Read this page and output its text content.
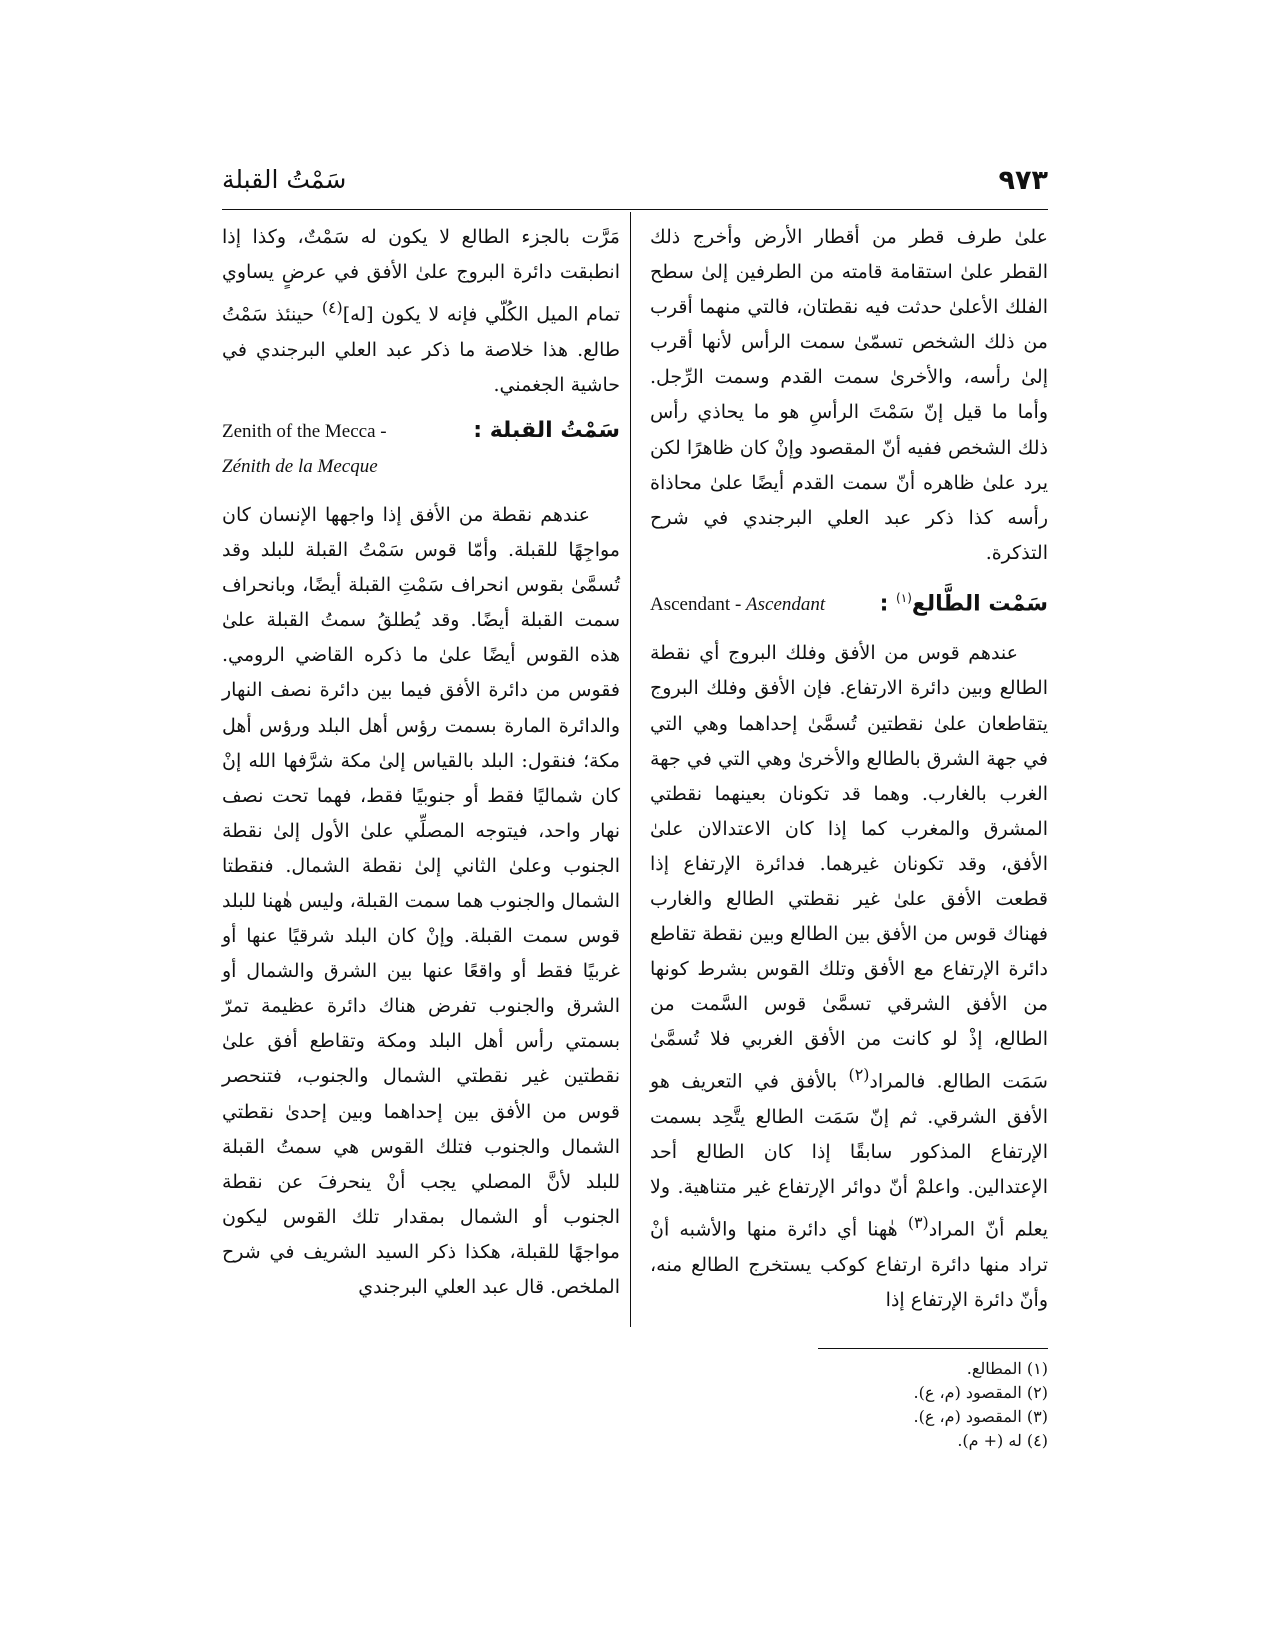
٩٧٣
سَمْتُ القبلة

علىٰ طرف قطر من أقطار الأرض وأخرج ذلك القطر علىٰ استقامة قامته من الطرفين إلىٰ سطح الفلك الأعلىٰ حدثت فيه نقطتان، فالتي منهما أقرب من ذلك الشخص تسمّىٰ سمت الرأس لأنها أقرب إلىٰ رأسه، والأخرىٰ سمت القدم وسمت الرِّجل. وأما ما قيل إنّ سَمْتَ الرأسِ هو ما يحاذي رأس ذلك الشخص ففيه أنّ المقصود وإنْ كان ظاهرًا لكن يرد علىٰ ظاهره أنّ سمت القدم أيضًا علىٰ محاذاة رأسه كذا ذكر عبد العلي البرجندي في شرح التذكرة.

سَمْت الطَّالع$^{(١)}$ :
Ascendant - Ascendant

عندهم قوس من الأفق وفلك البروج أي نقطة الطالع وبين دائرة الارتفاع. فإن الأفق وفلك البروج يتقاطعان علىٰ نقطتين تُسمَّىٰ إحداهما وهي التي في جهة الشرق بالطالع والأخرىٰ وهي التي في جهة الغرب بالغارب. وهما قد تكونان بعينهما نقطتي المشرق والمغرب كما إذا كان الاعتدالان علىٰ الأفق، وقد تكونان غيرهما. فدائرة الإرتفاع إذا قطعت الأفق علىٰ غير نقطتي الطالع والغارب فهناك قوس من الأفق بين الطالع وبين نقطة تقاطع دائرة الإرتفاع مع الأفق وتلك القوس بشرط كونها من الأفق الشرقي تسمَّىٰ قوس السَّمت من الطالع، إذْ لو كانت من الأفق الغربي فلا تُسمَّىٰ سَمَت الطالع. فالمراد$^{(٢)}$ بالأفق في التعريف هو الأفق الشرقي. ثم إنّ سَمَت الطالع يتَّحِد بسمت الإرتفاع المذكور سابقًا إذا كان الطالع أحد الإعتدالين. واعلمْ أنّ دوائر الإرتفاع غير متناهية. ولا يعلم أنّ المراد$^{(٣)}$ هٰهنا أي دائرة منها والأشبه أنْ تراد منها دائرة ارتفاع كوكب يستخرج الطالع منه، وأنّ دائرة الإرتفاع إذا

مَرَّت بالجزء الطالع لا يكون له سَمْتٌ، وكذا إذا انطبقت دائرة البروج علىٰ الأفق في عرضٍ يساوي تمام الميل الكُلّي فإنه لا يكون [له]$^{(٤)}$ حينئذ سَمْتُ طالع. هذا خلاصة ما ذكر عبد العلي البرجندي في حاشية الجغمني.

سَمْتُ القبلة :
Zenith of the Mecca -
Zénith de la Mecque

عندهم نقطة من الأفق إذا واجهها الإنسان كان مواجِهًا للقبلة. وأمّا قوس سَمْتُ القبلة للبلد وقد تُسمَّىٰ بقوس انحراف سَمْتِ القبلة أيضًا، وبانحراف سمت القبلة أيضًا. وقد يُطلقُ سمتُ القبلة علىٰ هذه القوس أيضًا علىٰ ما ذكره القاضي الرومي. فقوس من دائرة الأفق فيما بين دائرة نصف النهار والدائرة المارة بسمت رؤس أهل البلد ورؤس أهل مكة؛ فنقول: البلد بالقياس إلىٰ مكة شرَّفها الله إنْ كان شماليًا فقط أو جنوبيًا فقط، فهما تحت نصف نهار واحد، فيتوجه المصلِّي علىٰ الأول إلىٰ نقطة الجنوب وعلىٰ الثاني إلىٰ نقطة الشمال. فنقطتا الشمال والجنوب هما سمت القبلة، وليس هٰهنا للبلد قوس سمت القبلة. وإنْ كان البلد شرقيًا عنها أو غربيًا فقط أو واقعًا عنها بين الشرق والشمال أو الشرق والجنوب تفرض هناك دائرة عظيمة تمرّ بسمتي رأس أهل البلد ومكة وتقاطع أفق علىٰ نقطتين غير نقطتي الشمال والجنوب، فتنحصر قوس من الأفق بين إحداهما وبين إحدىٰ نقطتي الشمال والجنوب فتلك القوس هي سمتُ القبلة للبلد لأنَّ المصلي يجب أنْ ينحرفَ عن نقطة الجنوب أو الشمال بمقدار تلك القوس ليكون مواجهًا للقبلة، هكذا ذكر السيد الشريف في شرح الملخص. قال عبد العلي البرجندي

(١) المطالع.
(٢) المقصود (م، ع).
(٣) المقصود (م، ع).
(٤) له (+ م).
